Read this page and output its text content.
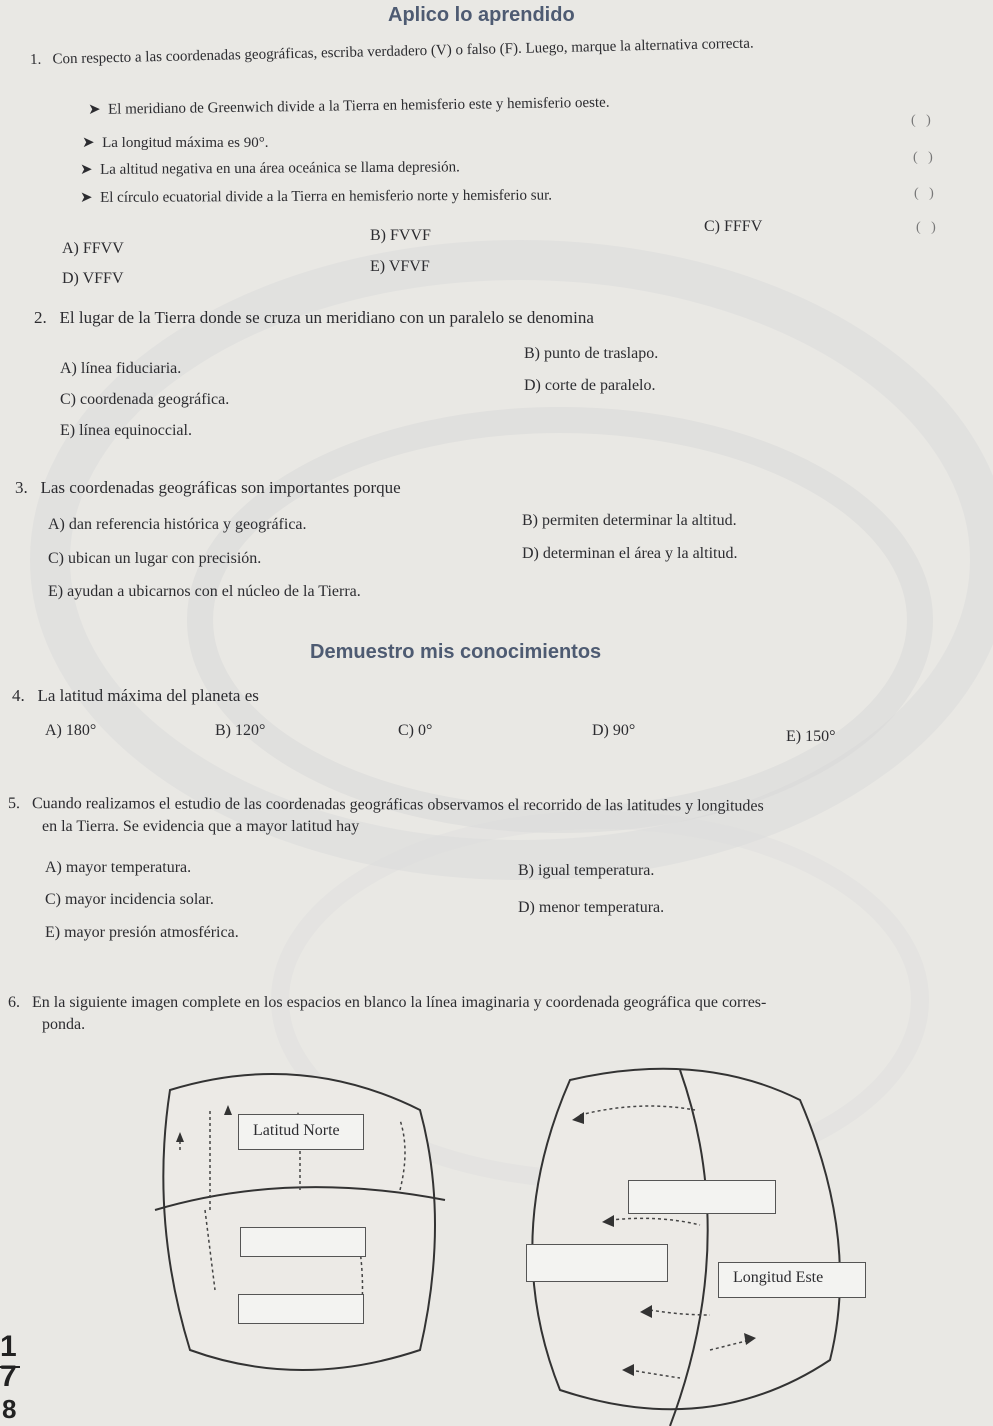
Aplico lo aprendido
1. Con respecto a las coordenadas geográficas, escriba verdadero (V) o falso (F). Luego, marque la alternativa correcta.
➤ El meridiano de Greenwich divide a la Tierra en hemisferio este y hemisferio oeste.
(   )
➤ La longitud máxima es 90°.
(   )
➤ La altitud negativa en una área oceánica se llama depresión.
(   )
➤ El círculo ecuatorial divide a la Tierra en hemisferio norte y hemisferio sur.
(   )
A) FFVV
B) FVVF
C) FFFV
D) VFFV
E) VFVF
2. El lugar de la Tierra donde se cruza un meridiano con un paralelo se denomina
A) línea fiduciaria.
B) punto de traslapo.
C) coordenada geográfica.
D) corte de paralelo.
E) línea equinoccial.
3. Las coordenadas geográficas son importantes porque
A) dan referencia histórica y geográfica.	B) permiten determinar la altitud.
C) ubican un lugar con precisión.	D) determinan el área y la altitud.
E) ayudan a ubicarnos con el núcleo de la Tierra.
Demuestro mis conocimientos
4. La latitud máxima del planeta es
A) 180°	B) 120°	C) 0°	D) 90°	E) 150°
5. Cuando realizamos el estudio de las coordenadas geográficas observamos el recorrido de las latitudes y longitudes
en la Tierra. Se evidencia que a mayor latitud hay
A) mayor temperatura.	B) igual temperatura.
C) mayor incidencia solar.	D) menor temperatura.
E) mayor presión atmosférica.
6. En la siguiente imagen complete en los espacios en blanco la línea imaginaria y coordenada geográfica que corres-
ponda.
Latitud Norte
Longitud Este
1
7
8
